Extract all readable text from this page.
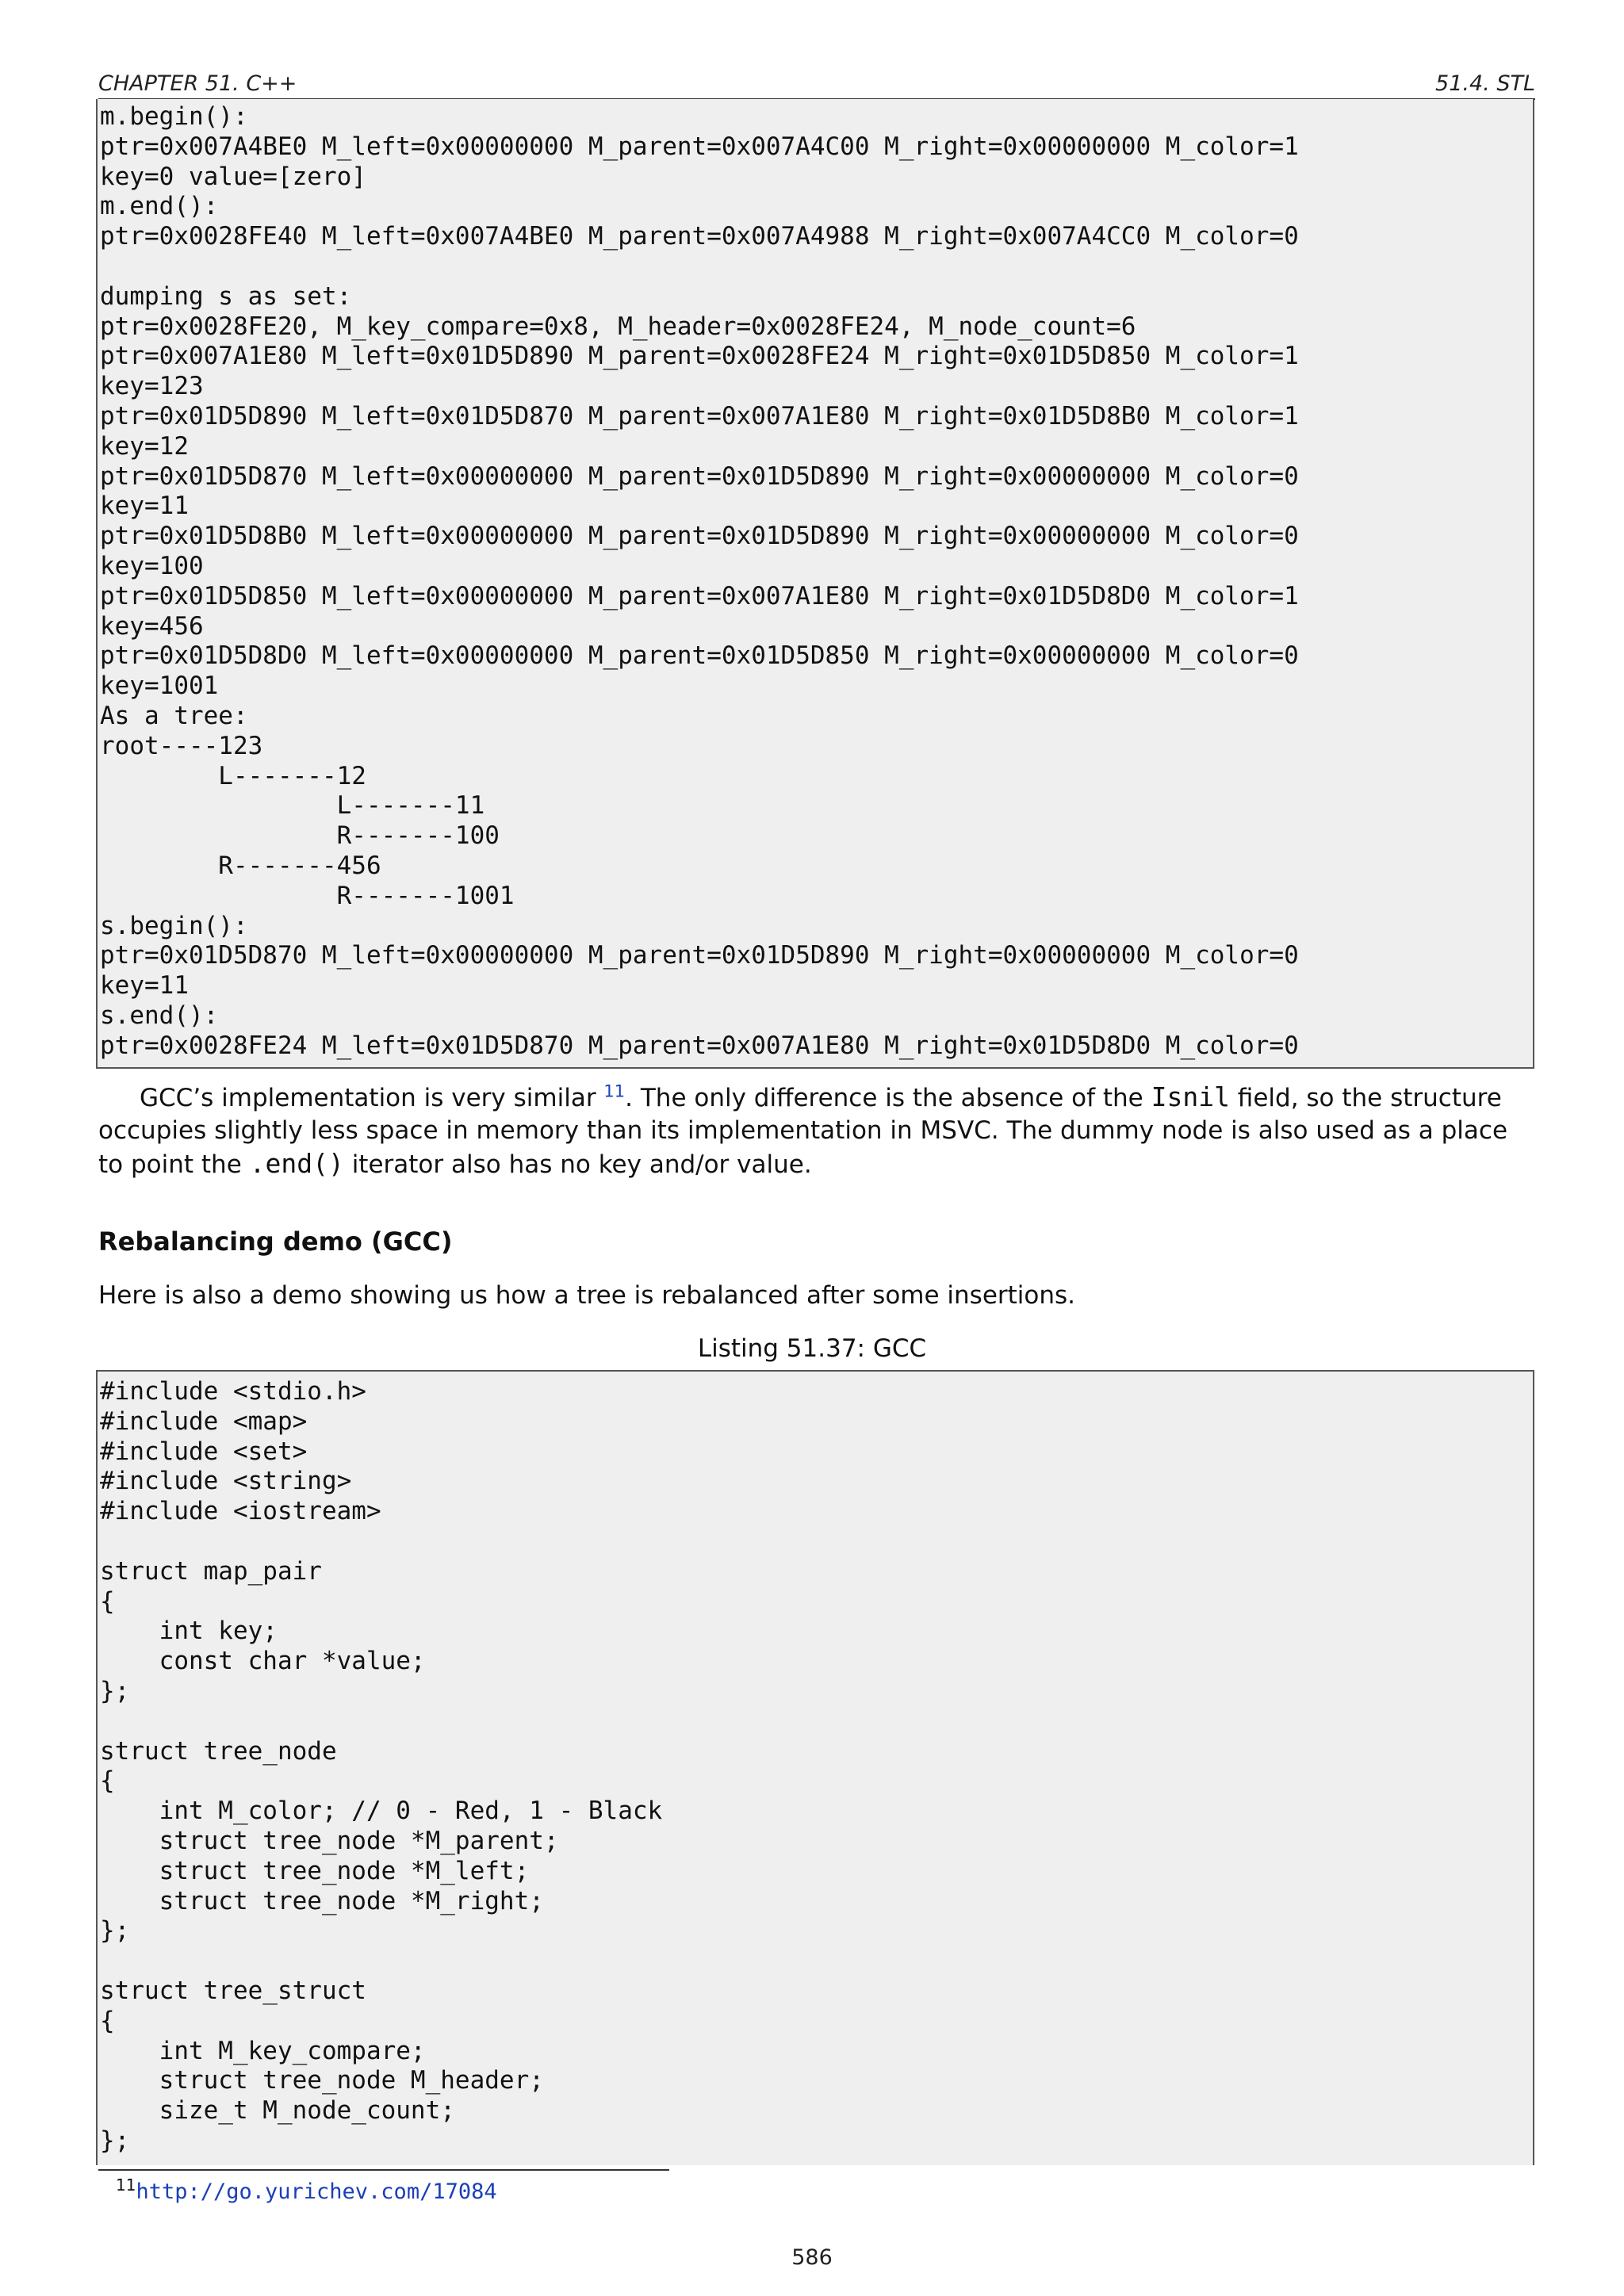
CHAPTER 51. C++	51.4. STL
m.begin():
ptr=0x007A4BE0 M_left=0x00000000 M_parent=0x007A4C00 M_right=0x00000000 M_color=1
key=0 value=[zero]
m.end():
ptr=0x0028FE40 M_left=0x007A4BE0 M_parent=0x007A4988 M_right=0x007A4CC0 M_color=0

dumping s as set:
ptr=0x0028FE20, M_key_compare=0x8, M_header=0x0028FE24, M_node_count=6
ptr=0x007A1E80 M_left=0x01D5D890 M_parent=0x0028FE24 M_right=0x01D5D850 M_color=1
key=123
ptr=0x01D5D890 M_left=0x01D5D870 M_parent=0x007A1E80 M_right=0x01D5D8B0 M_color=1
key=12
ptr=0x01D5D870 M_left=0x00000000 M_parent=0x01D5D890 M_right=0x00000000 M_color=0
key=11
ptr=0x01D5D8B0 M_left=0x00000000 M_parent=0x01D5D890 M_right=0x00000000 M_color=0
key=100
ptr=0x01D5D850 M_left=0x00000000 M_parent=0x007A1E80 M_right=0x01D5D8D0 M_color=1
key=456
ptr=0x01D5D8D0 M_left=0x00000000 M_parent=0x01D5D850 M_right=0x00000000 M_color=0
key=1001
As a tree:
root----123
L-------12
L-------11
R-------100
R-------456
R-------1001
s.begin():
ptr=0x01D5D870 M_left=0x00000000 M_parent=0x01D5D890 M_right=0x00000000 M_color=0
key=11
s.end():
ptr=0x0028FE24 M_left=0x01D5D870 M_parent=0x007A1E80 M_right=0x01D5D8D0 M_color=0
GCC’s implementation is very similar $^{11}$. The only difference is the absence of the Isnil field, so the structure occupies slightly less space in memory than its implementation in MSVC. The dummy node is also used as a place to point the .end() iterator also has no key and/or value.
Rebalancing demo (GCC)
Here is also a demo showing us how a tree is rebalanced after some insertions.
Listing 51.37: GCC
#include <stdio.h>
#include <map>
#include <set>
#include <string>
#include <iostream>

struct map_pair
{
int key;
const char *value;
};

struct tree_node
{
int M_color; // 0 - Red, 1 - Black
struct tree_node *M_parent;
struct tree_node *M_left;
struct tree_node *M_right;
};

struct tree_struct
{
int M_key_compare;
struct tree_node M_header;
size_t M_node_count;
};
$^{11}$http://go.yurichev.com/17084
586
